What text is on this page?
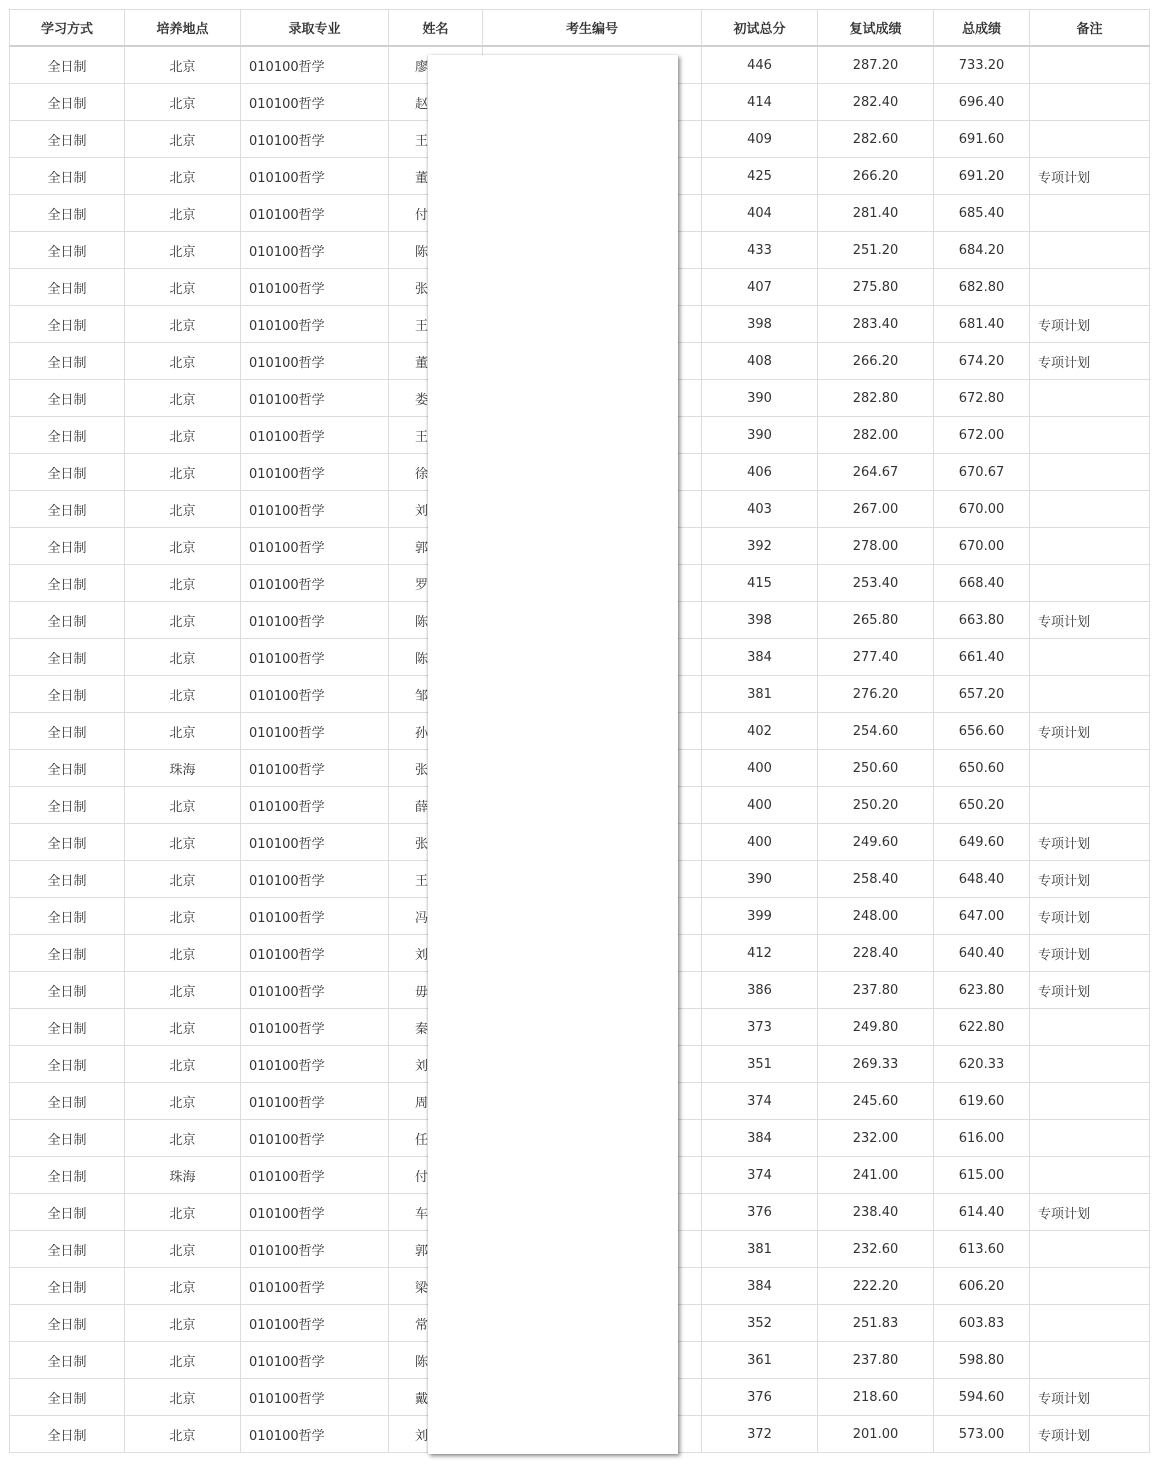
学习方式	培养地点	录取专业	姓名	考生编号	初试总分	复试成绩	总成绩	备注
全日制	北京	010100哲学	廖		446	287.20	733.20	
全日制	北京	010100哲学	赵		414	282.40	696.40	
全日制	北京	010100哲学	王		409	282.60	691.60	
全日制	北京	010100哲学	董		425	266.20	691.20	专项计划
全日制	北京	010100哲学	付		404	281.40	685.40	
全日制	北京	010100哲学	陈		433	251.20	684.20	
全日制	北京	010100哲学	张		407	275.80	682.80	
全日制	北京	010100哲学	王		398	283.40	681.40	专项计划
全日制	北京	010100哲学	董		408	266.20	674.20	专项计划
全日制	北京	010100哲学	娄		390	282.80	672.80	
全日制	北京	010100哲学	王		390	282.00	672.00	
全日制	北京	010100哲学	徐		406	264.67	670.67	
全日制	北京	010100哲学	刘		403	267.00	670.00	
全日制	北京	010100哲学	郭		392	278.00	670.00	
全日制	北京	010100哲学	罗		415	253.40	668.40	
全日制	北京	010100哲学	陈		398	265.80	663.80	专项计划
全日制	北京	010100哲学	陈		384	277.40	661.40	
全日制	北京	010100哲学	邹		381	276.20	657.20	
全日制	北京	010100哲学	孙		402	254.60	656.60	专项计划
全日制	珠海	010100哲学	张		400	250.60	650.60	
全日制	北京	010100哲学	薛		400	250.20	650.20	
全日制	北京	010100哲学	张		400	249.60	649.60	专项计划
全日制	北京	010100哲学	王		390	258.40	648.40	专项计划
全日制	北京	010100哲学	冯		399	248.00	647.00	专项计划
全日制	北京	010100哲学	刘		412	228.40	640.40	专项计划
全日制	北京	010100哲学	毋		386	237.80	623.80	专项计划
全日制	北京	010100哲学	秦		373	249.80	622.80	
全日制	北京	010100哲学	刘		351	269.33	620.33	
全日制	北京	010100哲学	周		374	245.60	619.60	
全日制	北京	010100哲学	任		384	232.00	616.00	
全日制	珠海	010100哲学	付		374	241.00	615.00	
全日制	北京	010100哲学	车		376	238.40	614.40	专项计划
全日制	北京	010100哲学	郭		381	232.60	613.60	
全日制	北京	010100哲学	梁		384	222.20	606.20	
全日制	北京	010100哲学	常		352	251.83	603.83	
全日制	北京	010100哲学	陈		361	237.80	598.80	
全日制	北京	010100哲学	戴		376	218.60	594.60	专项计划
全日制	北京	010100哲学	刘		372	201.00	573.00	专项计划
